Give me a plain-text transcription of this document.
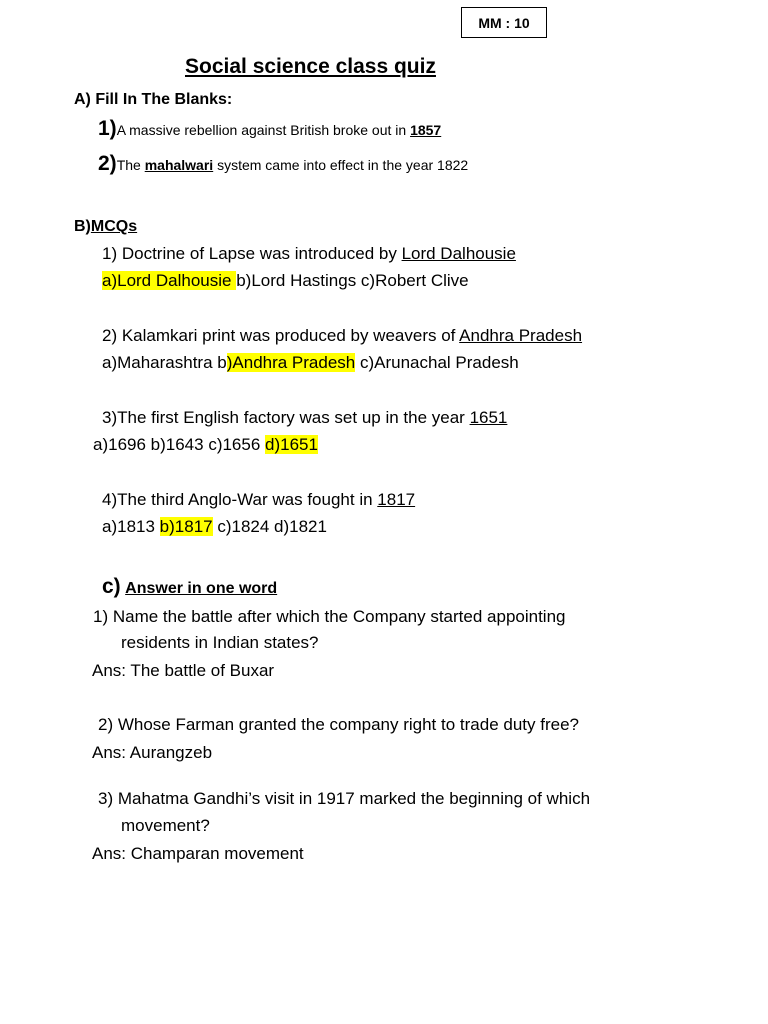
MM : 10
Social science class quiz
A) Fill In The Blanks:
1)A massive rebellion against British broke out in 1857
2)The mahalwari system came into effect in the year 1822
B)MCQs
1) Doctrine of Lapse was introduced by Lord Dalhousie
a)Lord Dalhousie b)Lord Hastings c)Robert Clive
2) Kalamkari print was produced by weavers of Andhra Pradesh
a)Maharashtra b)Andhra Pradesh c)Arunachal Pradesh
3)The first English factory was set up in the year 1651
a)1696 b)1643 c)1656 d)1651
4)The third Anglo-War was fought in 1817
a)1813 b)1817 c)1824 d)1821
c) Answer in one word
1) Name the battle after which the Company started appointing
residents in Indian states?
Ans: The battle of Buxar
2) Whose Farman granted the company right to trade duty free?
Ans: Aurangzeb
3) Mahatma Gandhi’s visit in 1917 marked the beginning of which
movement?
Ans: Champaran movement
